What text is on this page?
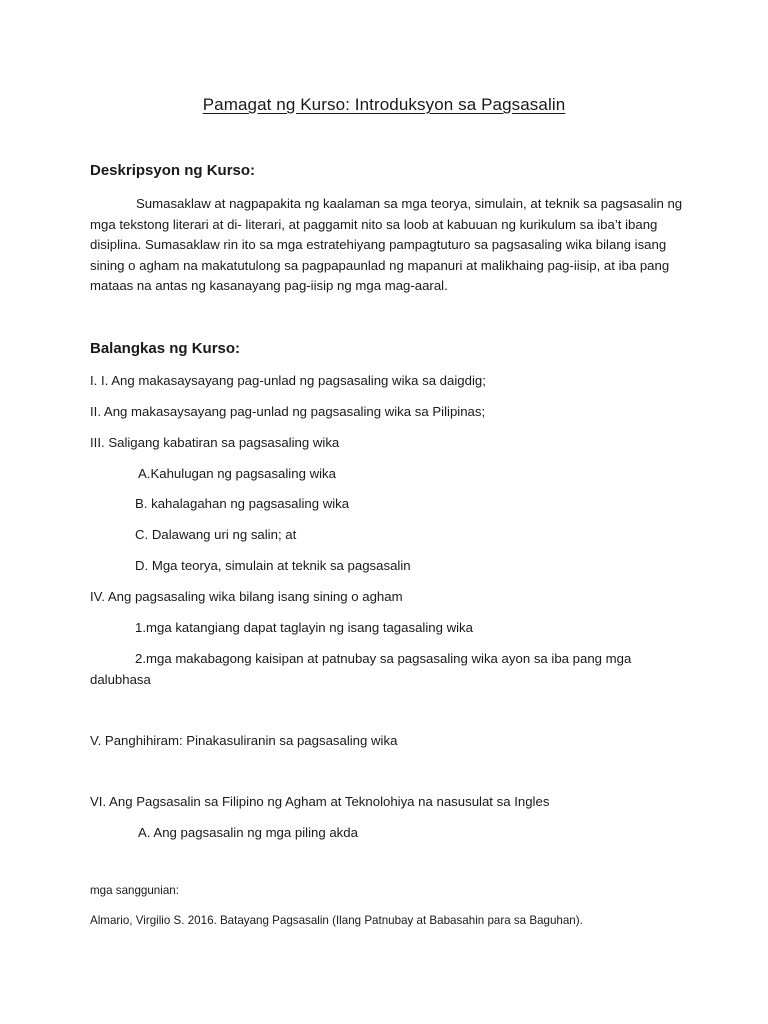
Pamagat ng Kurso: Introduksyon sa Pagsasalin
Deskripsyon ng Kurso:
Sumasaklaw at nagpapakita ng kaalaman sa mga teorya, simulain, at teknik sa pagsasalin ng mga tekstong literari at di- literari, at paggamit nito sa loob at kabuuan ng kurikulum sa iba’t ibang disiplina. Sumasaklaw rin ito sa mga estratehiyang pampagtuturo sa pagsasaling wika bilang isang sining o agham na makatutulong sa pagpapaunlad ng mapanuri at malikhaing pag-iisip, at iba pang mataas na antas ng kasanayang pag-iisip ng mga mag-aaral.
Balangkas ng Kurso:
I. I. Ang makasaysayang pag-unlad ng pagsasaling wika sa daigdig;
II. Ang makasaysayang pag-unlad ng pagsasaling wika sa Pilipinas;
III. Saligang kabatiran sa pagsasaling wika
A.Kahulugan ng pagsasaling wika
B. kahalagahan ng pagsasaling wika
C. Dalawang uri ng salin; at
D. Mga teorya, simulain at teknik sa pagsasalin
IV. Ang pagsasaling wika bilang isang sining o agham
1.mga katangiang dapat taglayin ng isang tagasaling wika
2.mga makabagong kaisipan at patnubay sa pagsasaling wika ayon sa iba pang mga
dalubhasa
V. Panghihiram: Pinakasuliranin sa pagsasaling wika
VI. Ang Pagsasalin sa Filipino ng Agham at Teknolohiya na nasusulat sa Ingles
A. Ang pagsasalin ng mga piling akda
mga sanggunian:
Almario, Virgilio S. 2016. Batayang Pagsasalin (Ilang Patnubay at Babasahin para sa Baguhan).
